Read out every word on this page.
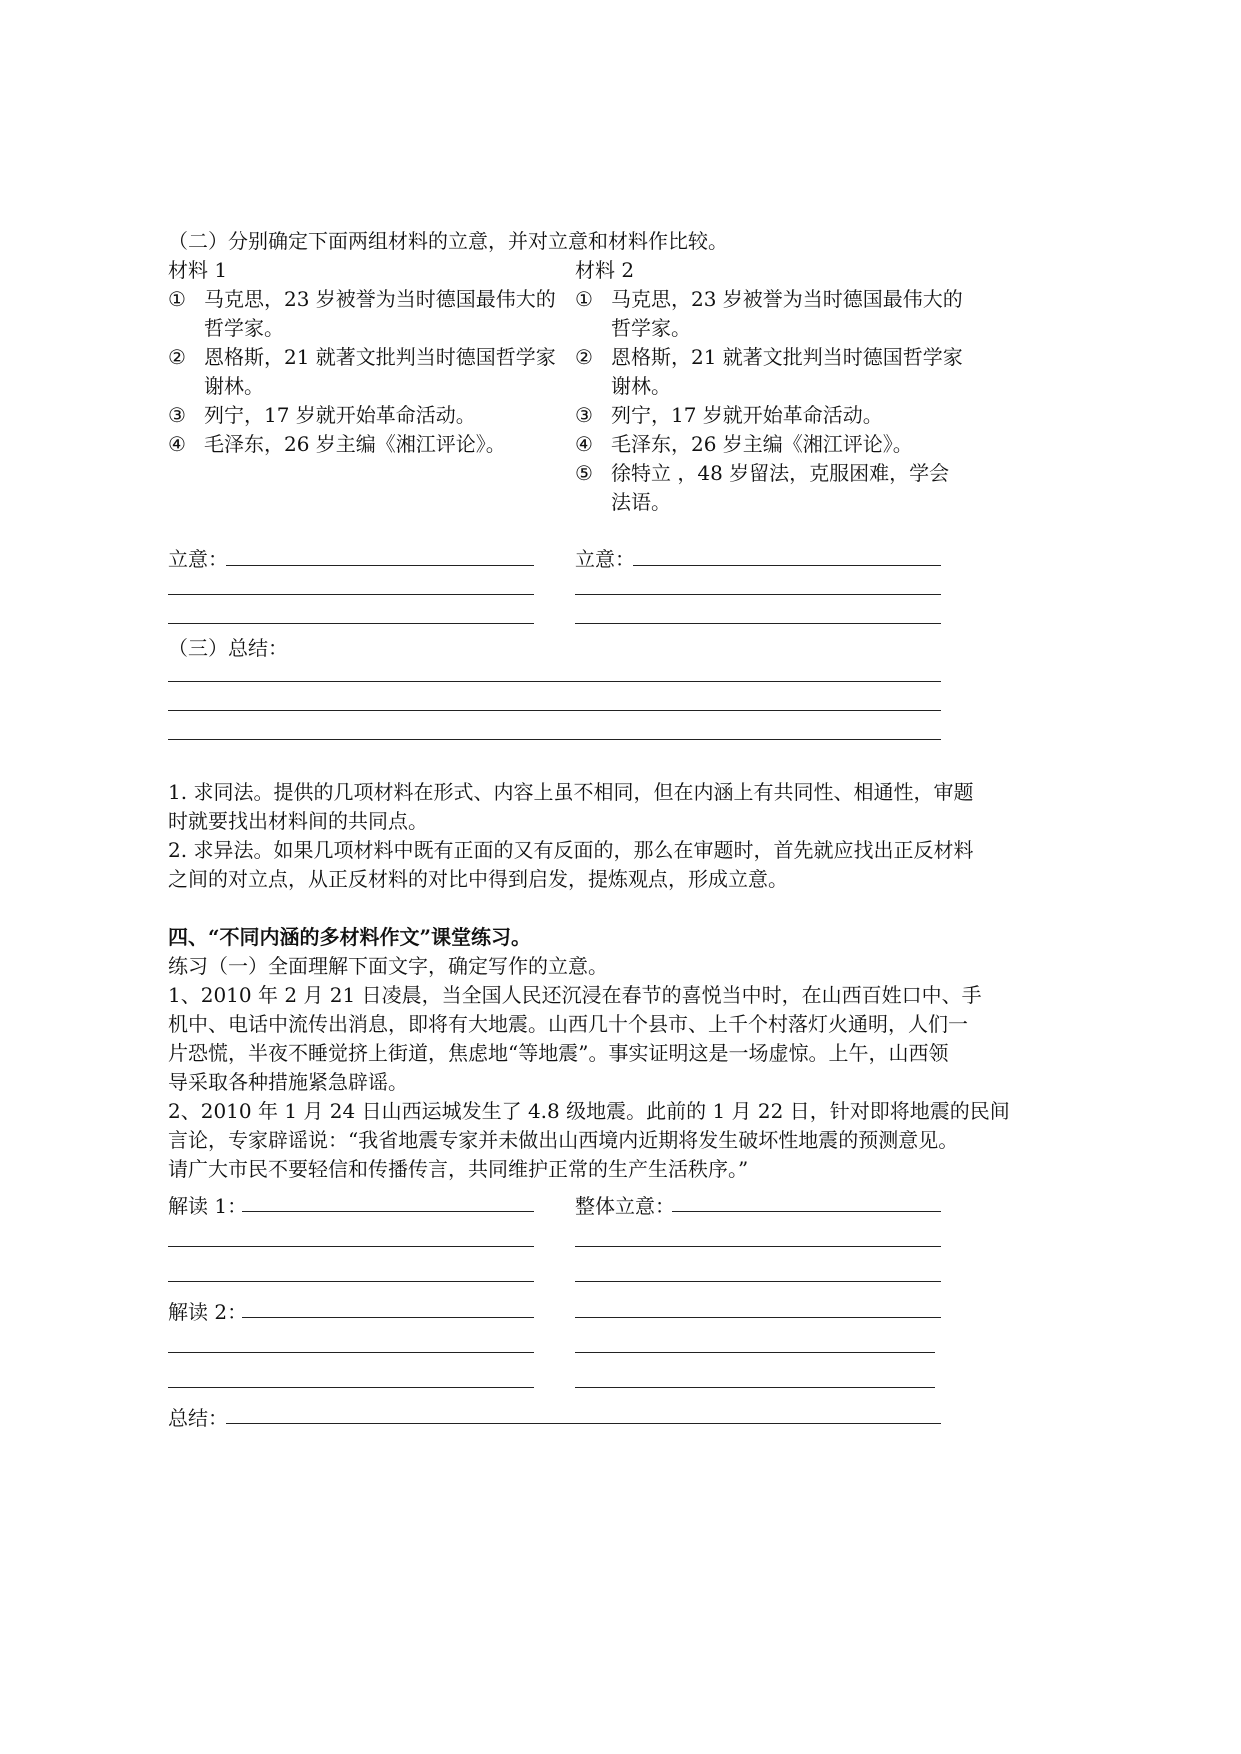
（二）分别确定下面两组材料的立意，并对立意和材料作比较。
材料 1
① 马克思，23 岁被誉为当时德国最伟大的
哲学家。
② 恩格斯，21 就著文批判当时德国哲学家
谢林。
③ 列宁，17 岁就开始革命活动。
④ 毛泽东，26 岁主编《湘江评论》。
材料 2
① 马克思，23 岁被誉为当时德国最伟大的
哲学家。
② 恩格斯，21 就著文批判当时德国哲学家
谢林。
③ 列宁，17 岁就开始革命活动。
④ 毛泽东，26 岁主编《湘江评论》。
⑤ 徐特立 ，48 岁留法，克服困难，学会
法语。
立意：	立意：
（三）总结：
1. 求同法。提供的几项材料在形式、内容上虽不相同，但在内涵上有共同性、相通性，审题
时就要找出材料间的共同点。
2. 求异法。如果几项材料中既有正面的又有反面的，那么在审题时，首先就应找出正反材料
之间的对立点，从正反材料的对比中得到启发，提炼观点，形成立意。
四、“不同内涵的多材料作文”课堂练习。
练习（一）全面理解下面文字，确定写作的立意。
1、2010 年 2 月 21 日凌晨，当全国人民还沉浸在春节的喜悦当中时，在山西百姓口中、手
机中、电话中流传出消息，即将有大地震。山西几十个县市、上千个村落灯火通明，人们一
片恐慌，半夜不睡觉挤上街道，焦虑地“等地震”。事实证明这是一场虚惊。上午，山西领
导采取各种措施紧急辟谣。
2、2010 年 1 月 24 日山西运城发生了 4.8 级地震。此前的 1 月 22 日，针对即将地震的民间
言论，专家辟谣说：“我省地震专家并未做出山西境内近期将发生破坏性地震的预测意见。
请广大市民不要轻信和传播传言，共同维护正常的生产生活秩序。”
解读 1：	整体立意：
解读 2：
总结：
